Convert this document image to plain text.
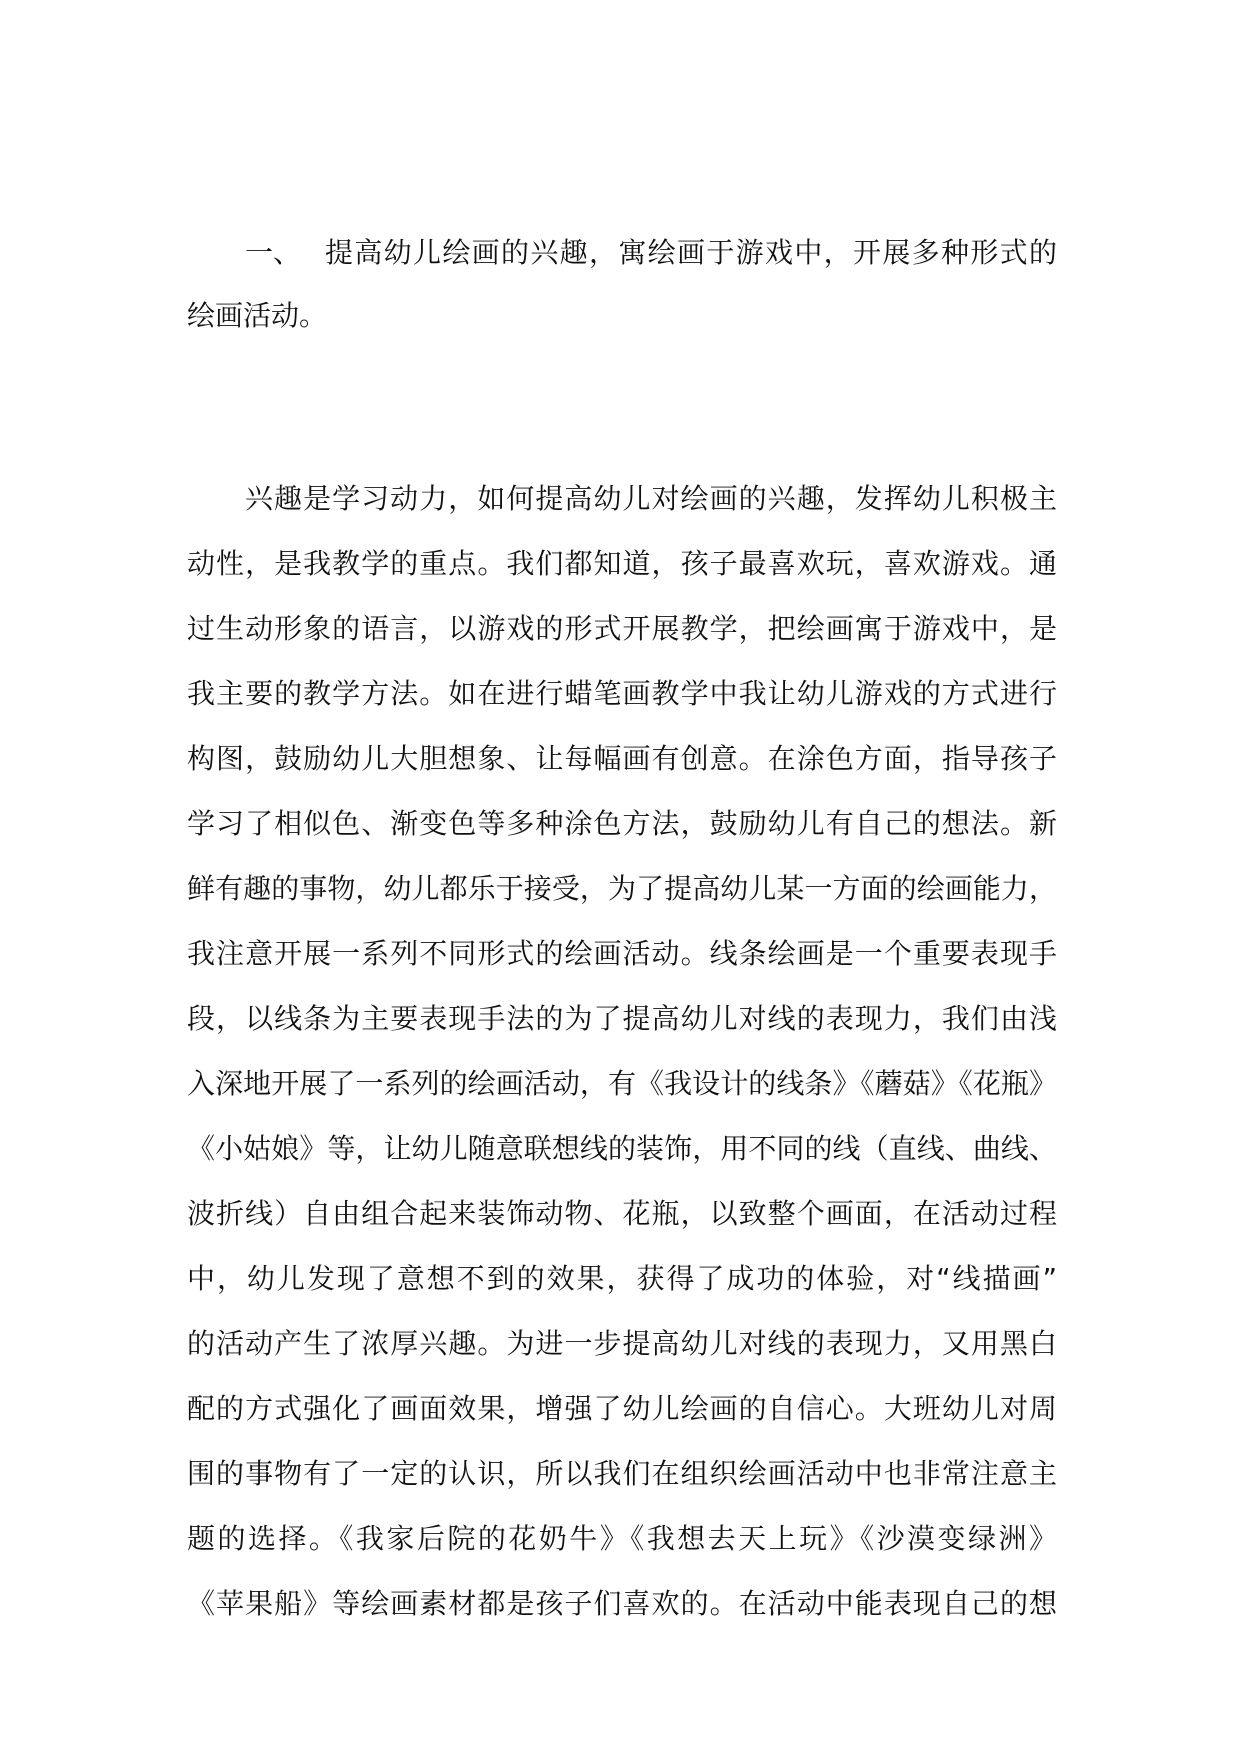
一、 提高幼儿绘画的兴趣，寓绘画于游戏中，开展多种形式的
绘画活动。
兴趣是学习动力，如何提高幼儿对绘画的兴趣，发挥幼儿积极主
动性，是我教学的重点。我们都知道，孩子最喜欢玩，喜欢游戏。通
过生动形象的语言，以游戏的形式开展教学，把绘画寓于游戏中，是
我主要的教学方法。如在进行蜡笔画教学中我让幼儿游戏的方式进行
构图，鼓励幼儿大胆想象、让每幅画有创意。在涂色方面，指导孩子
学习了相似色、渐变色等多种涂色方法，鼓励幼儿有自己的想法。新
鲜有趣的事物，幼儿都乐于接受，为了提高幼儿某一方面的绘画能力，
我注意开展一系列不同形式的绘画活动。线条绘画是一个重要表现手
段，以线条为主要表现手法的为了提高幼儿对线的表现力，我们由浅
入深地开展了一系列的绘画活动，有《我设计的线条》《蘑菇》《花瓶》
《小姑娘》等，让幼儿随意联想线的装饰，用不同的线（直线、曲线、
波折线）自由组合起来装饰动物、花瓶，以致整个画面，在活动过程
中，幼儿发现了意想不到的效果，获得了成功的体验，对“线描画”
的活动产生了浓厚兴趣。为进一步提高幼儿对线的表现力，又用黑白
配的方式强化了画面效果，增强了幼儿绘画的自信心。大班幼儿对周
围的事物有了一定的认识，所以我们在组织绘画活动中也非常注意主
题的选择。《我家后院的花奶牛》《我想去天上玩》《沙漠变绿洲》
《苹果船》等绘画素材都是孩子们喜欢的。在活动中能表现自己的想
